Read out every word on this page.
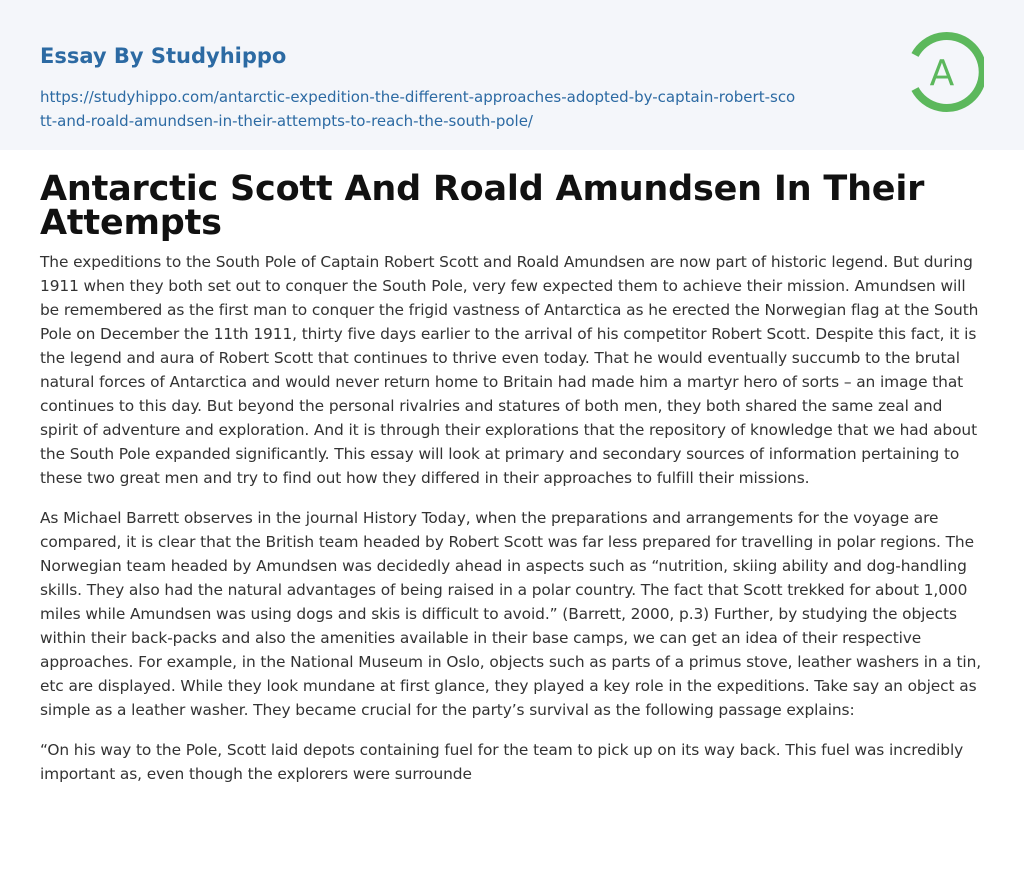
Essay By Studyhippo
https://studyhippo.com/antarctic-expedition-the-different-approaches-adopted-by-captain-robert-scott-and-roald-amundsen-in-their-attempts-to-reach-the-south-pole/
A
Antarctic Scott And Roald Amundsen In Their Attempts

The expeditions to the South Pole of Captain Robert Scott and Roald Amundsen are now part of historic legend. But during 1911 when they both set out to conquer the South Pole, very few expected them to achieve their mission. Amundsen will be remembered as the first man to conquer the frigid vastness of Antarctica as he erected the Norwegian flag at the South Pole on December the 11th 1911, thirty five days earlier to the arrival of his competitor Robert Scott. Despite this fact, it is the legend and aura of Robert Scott that continues to thrive even today. That he would eventually succumb to the brutal natural forces of Antarctica and would never return home to Britain had made him a martyr hero of sorts – an image that continues to this day. But beyond the personal rivalries and statures of both men, they both shared the same zeal and spirit of adventure and exploration. And it is through their explorations that the repository of knowledge that we had about the South Pole expanded significantly. This essay will look at primary and secondary sources of information pertaining to these two great men and try to find out how they differed in their approaches to fulfill their missions.

As Michael Barrett observes in the journal History Today, when the preparations and arrangements for the voyage are compared, it is clear that the British team headed by Robert Scott was far less prepared for travelling in polar regions. The Norwegian team headed by Amundsen was decidedly ahead in aspects such as “nutrition, skiing ability and dog-handling skills. They also had the natural advantages of being raised in a polar country. The fact that Scott trekked for about 1,000 miles while Amundsen was using dogs and skis is difficult to avoid.” (Barrett, 2000, p.3) Further, by studying the objects within their back-packs and also the amenities available in their base camps, we can get an idea of their respective approaches. For example, in the National Museum in Oslo, objects such as parts of a primus stove, leather washers in a tin, etc are displayed. While they look mundane at first glance, they played a key role in the expeditions. Take say an object as simple as a leather washer. They became crucial for the party’s survival as the following passage explains:

“On his way to the Pole, Scott laid depots containing fuel for the team to pick up on its way back. This fuel was incredibly important as, even though the explorers were surrounde
